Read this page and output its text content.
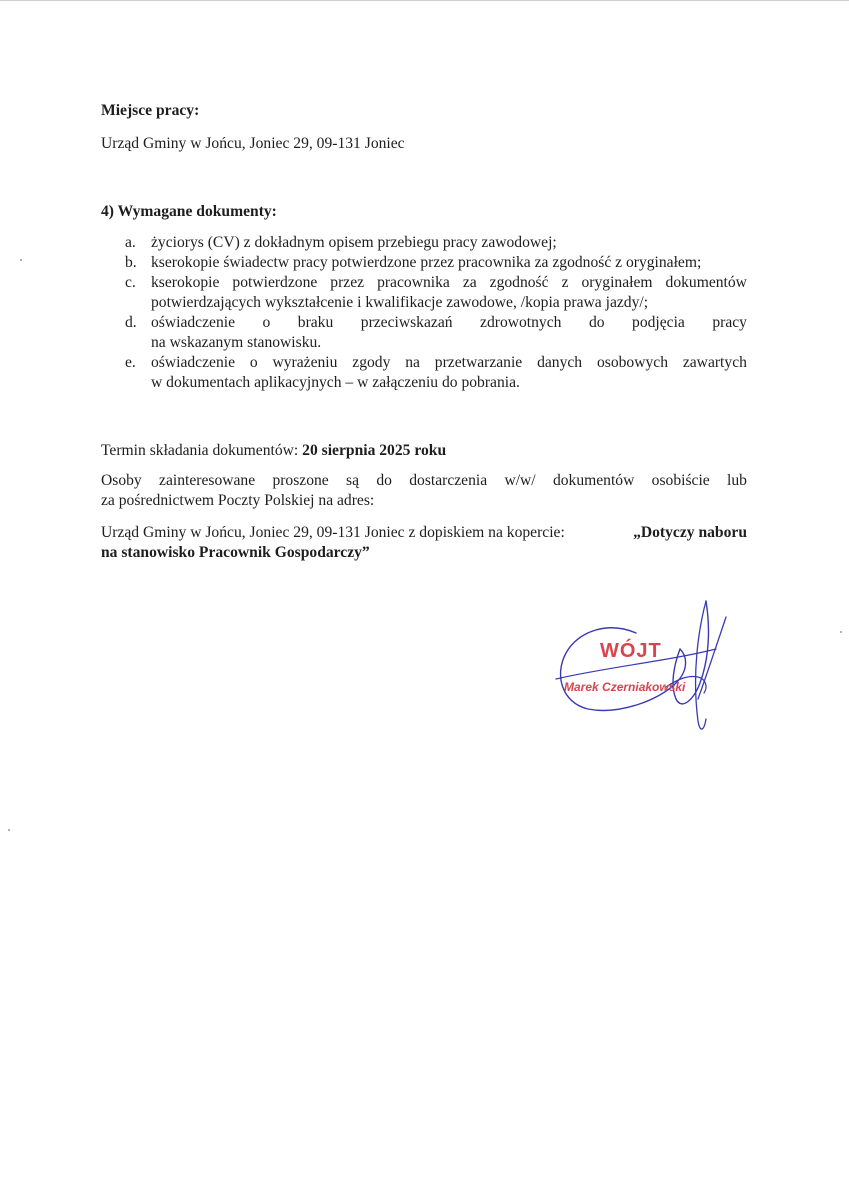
Miejsce pracy:

Urząd Gminy w Jońcu, Joniec 29, 09-131 Joniec

4) Wymagane dokumenty:

a. życiorys (CV) z dokładnym opisem przebiegu pracy zawodowej;
b. kserokopie świadectw pracy potwierdzone przez pracownika za zgodność z oryginałem;
c. kserokopie potwierdzone przez pracownika za zgodność z oryginałem dokumentów
potwierdzających wykształcenie i kwalifikacje zawodowe, /kopia prawa jazdy/;
d. oświadczenie o braku przeciwskazań zdrowotnych do podjęcia pracy
na wskazanym stanowisku.
e. oświadczenie o wyrażeniu zgody na przetwarzanie danych osobowych zawartych
w dokumentach aplikacyjnych – w załączeniu do pobrania.

Termin składania dokumentów: 20 sierpnia 2025 roku

Osoby zainteresowane proszone są do dostarczenia w/w/ dokumentów osobiście lub
za pośrednictwem Poczty Polskiej na adres:
Urząd Gminy w Jońcu, Joniec 29, 09-131 Joniec z dopiskiem na kopercie:	„Dotyczy naboru
na stanowisko Pracownik Gospodarczy”
WÓJT
Marek Czerniakowski
